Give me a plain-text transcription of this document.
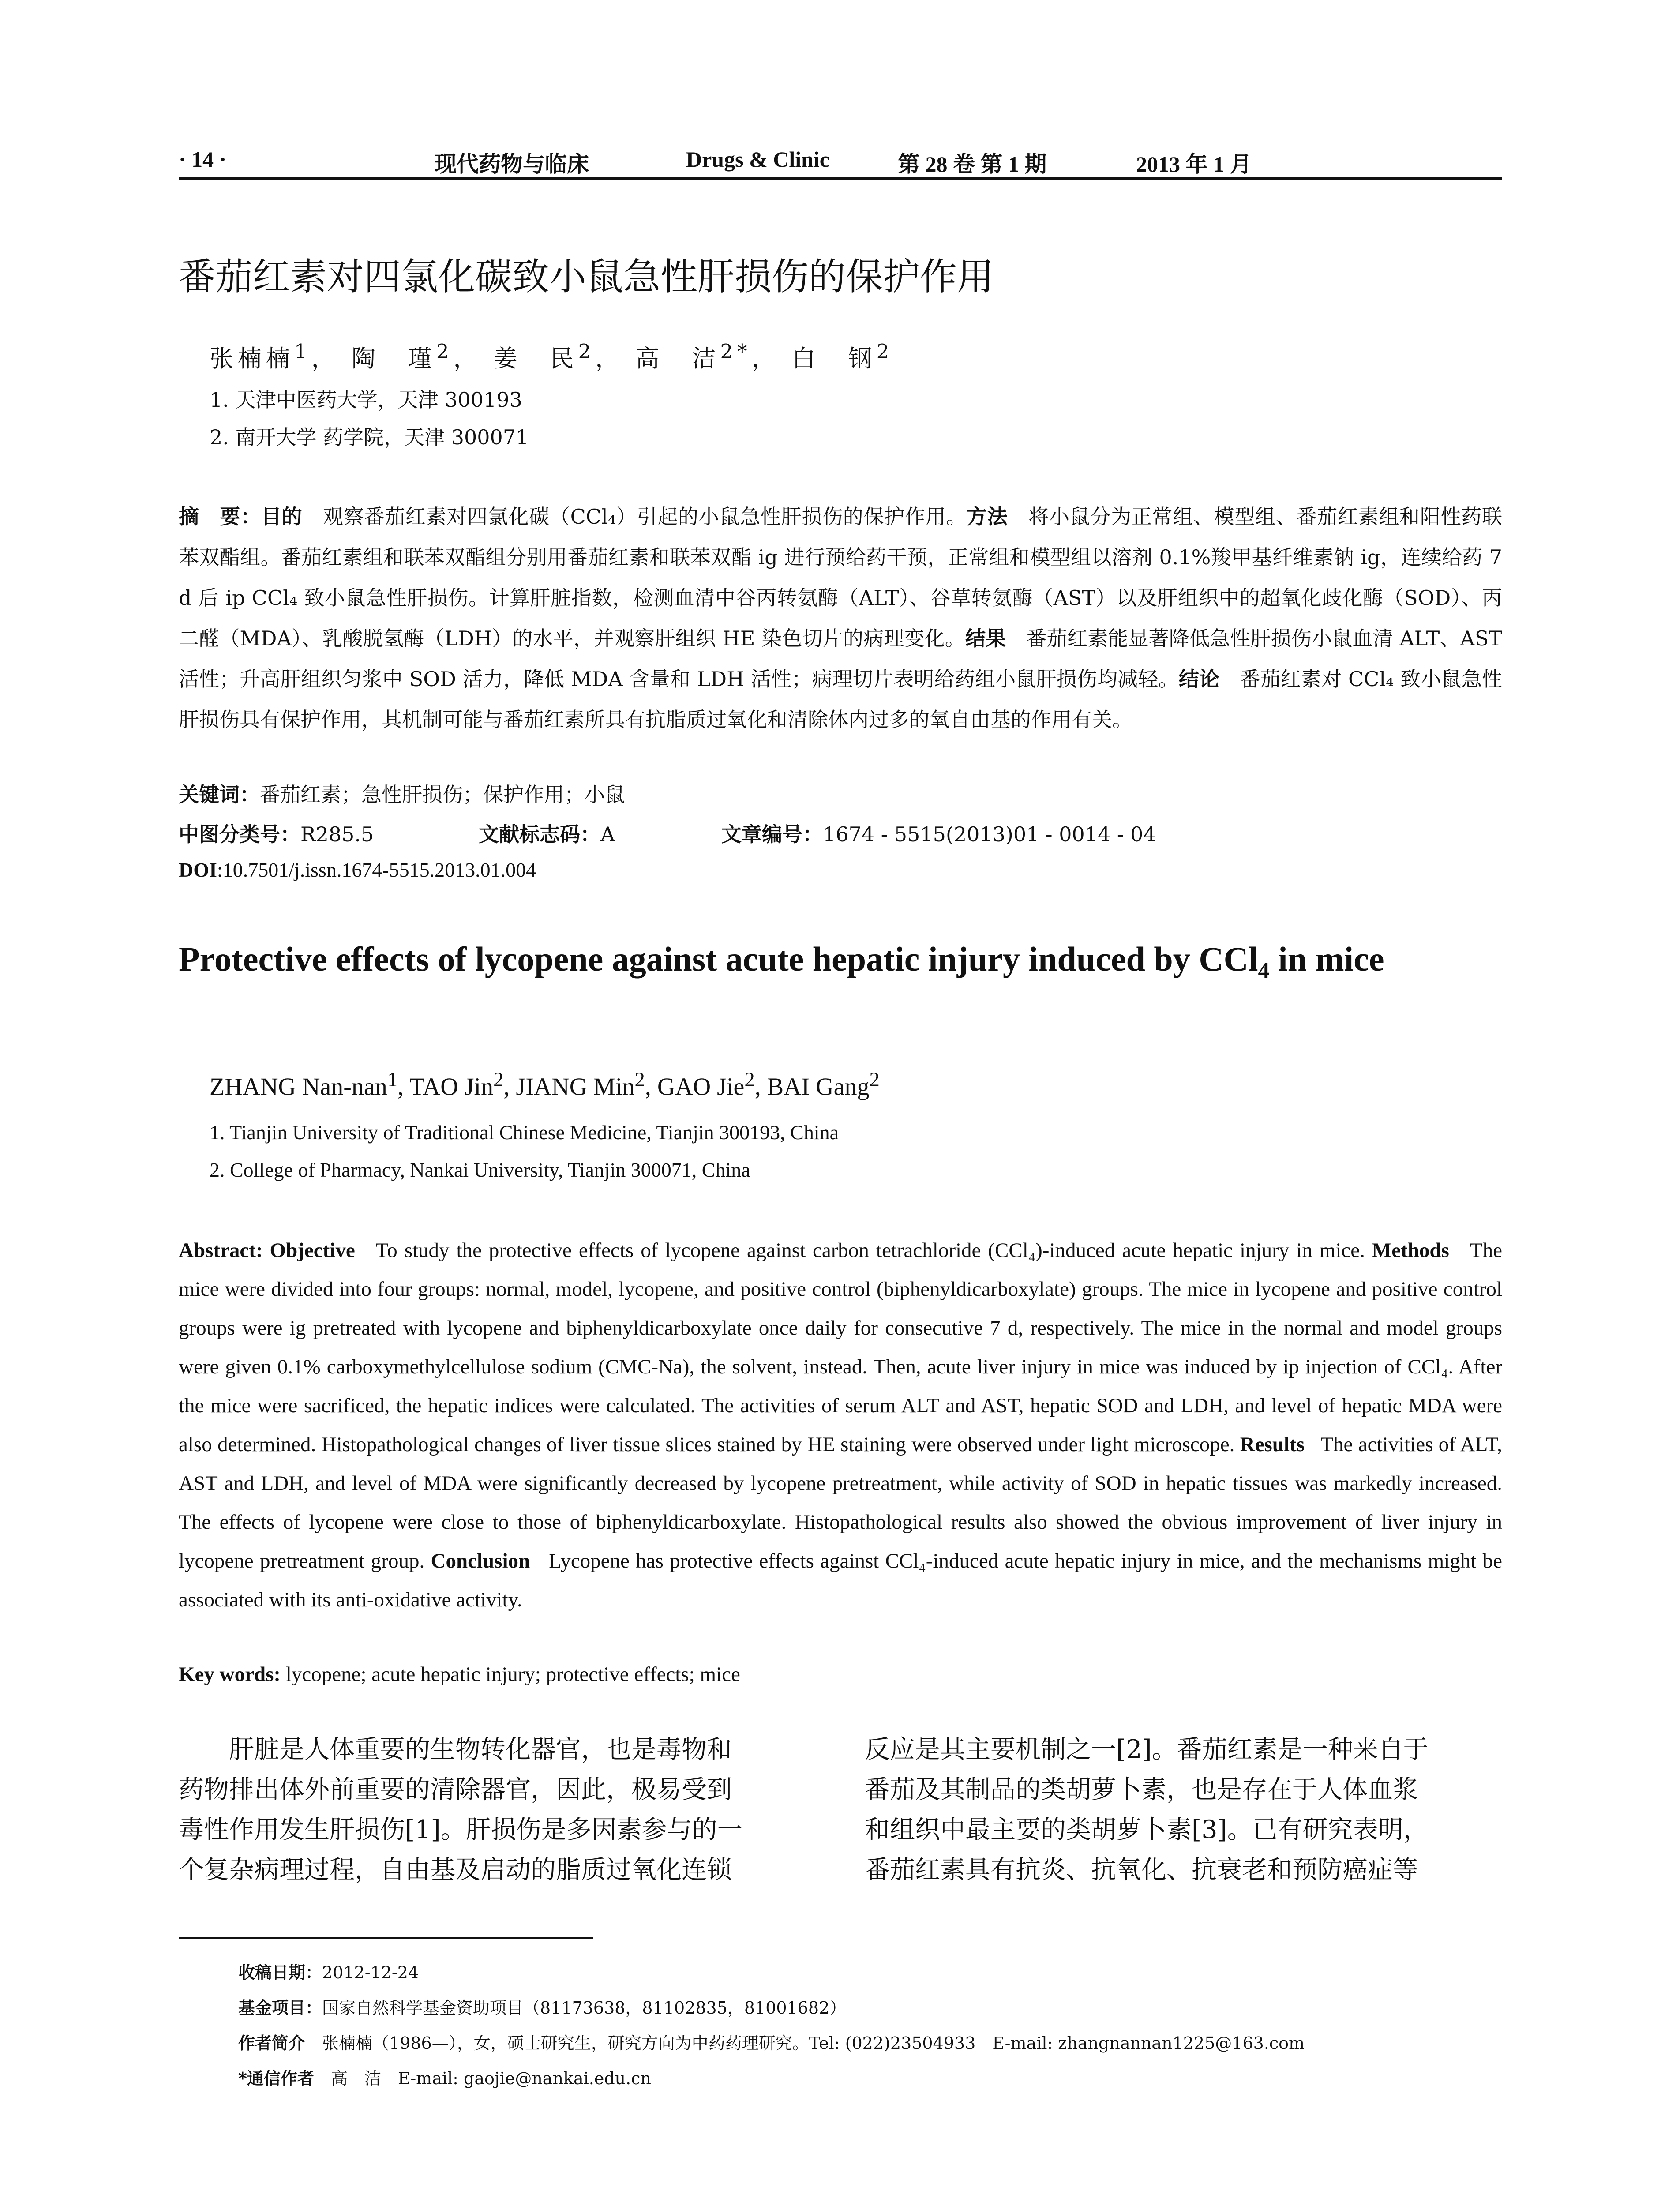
· 14 ·	现代药物与临床	Drugs & Clinic	第 28 卷 第 1 期	2013 年 1 月
番茄红素对四氯化碳致小鼠急性肝损伤的保护作用
张楠楠$^1$， 陶　瑾$^2$， 姜　民$^2$， 高　洁$^{2*}$， 白　钢$^2$
1. 天津中医药大学，天津 300193
2. 南开大学 药学院，天津 300071
摘　要：目的　 观察番茄红素对四氯化碳（CCl₄）引起的小鼠急性肝损伤的保护作用。方法　 将小鼠分为正常组、模型组、番茄红素组和阳性药联苯双酯组。番茄红素组和联苯双酯组分别用番茄红素和联苯双酯 ig 进行预给药干预，正常组和模型组以溶剂 0.1%羧甲基纤维素钠 ig，连续给药 7 d 后 ip CCl₄ 致小鼠急性肝损伤。计算肝脏指数，检测血清中谷丙转氨酶（ALT）、谷草转氨酶（AST）以及肝组织中的超氧化歧化酶（SOD）、丙二醛（MDA）、乳酸脱氢酶（LDH）的水平，并观察肝组织 HE 染色切片的病理变化。结果　 番茄红素能显著降低急性肝损伤小鼠血清 ALT、AST 活性；升高肝组织匀浆中 SOD 活力，降低 MDA 含量和 LDH 活性；病理切片表明给药组小鼠肝损伤均减轻。结论　 番茄红素对 CCl₄ 致小鼠急性肝损伤具有保护作用，其机制可能与番茄红素所具有抗脂质过氧化和清除体内过多的氧自由基的作用有关。
关键词：番茄红素；急性肝损伤；保护作用；小鼠
中图分类号：R285.5	文献标志码：A	文章编号：1674 - 5515(2013)01 - 0014 - 04
DOI:10.7501/j.issn.1674-5515.2013.01.004
Protective effects of lycopene against acute hepatic injury induced by CCl$_4$ in mice
ZHANG Nan-nan$^1$, TAO Jin$^2$, JIANG Min$^2$, GAO Jie$^2$, BAI Gang$^2$
1. Tianjin University of Traditional Chinese Medicine, Tianjin 300193, China
2. College of Pharmacy, Nankai University, Tianjin 300071, China
Abstract: Objective To study the protective effects of lycopene against carbon tetrachloride (CCl₄)-induced acute hepatic injury in mice. Methods The mice were divided into four groups: normal, model, lycopene, and positive control (biphenyldicarboxylate) groups. The mice in lycopene and positive control groups were ig pretreated with lycopene and biphenyldicarboxylate once daily for consecutive 7 d, respectively. The mice in the normal and model groups were given 0.1% carboxymethylcellulose sodium (CMC-Na), the solvent, instead. Then, acute liver injury in mice was induced by ip injection of CCl₄. After the mice were sacrificed, the hepatic indices were calculated. The activities of serum ALT and AST, hepatic SOD and LDH, and level of hepatic MDA were also determined. Histopathological changes of liver tissue slices stained by HE staining were observed under light microscope. Results The activities of ALT, AST and LDH, and level of MDA were significantly decreased by lycopene pretreatment, while activity of SOD in hepatic tissues was markedly increased. The effects of lycopene were close to those of biphenyldicarboxylate. Histopathological results also showed the obvious improvement of liver injury in lycopene pretreatment group. Conclusion Lycopene has protective effects against CCl₄-induced acute hepatic injury in mice, and the mechanisms might be associated with its anti-oxidative activity.
Key words: lycopene; acute hepatic injury; protective effects; mice
肝脏是人体重要的生物转化器官，也是毒物和
药物排出体外前重要的清除器官，因此，极易受到
毒性作用发生肝损伤[1]。肝损伤是多因素参与的一
个复杂病理过程，自由基及启动的脂质过氧化连锁
反应是其主要机制之一[2]。番茄红素是一种来自于
番茄及其制品的类胡萝卜素，也是存在于人体血浆
和组织中最主要的类胡萝卜素[3]。已有研究表明，
番茄红素具有抗炎、抗氧化、抗衰老和预防癌症等
收稿日期：2012-12-24
基金项目：国家自然科学基金资助项目（81173638，81102835，81001682）
作者简介　张楠楠（1986—），女，硕士研究生，研究方向为中药药理研究。Tel: (022)23504933　E-mail: zhangnannan1225@163.com
*通信作者　高　洁　E-mail: gaojie@nankai.edu.cn
